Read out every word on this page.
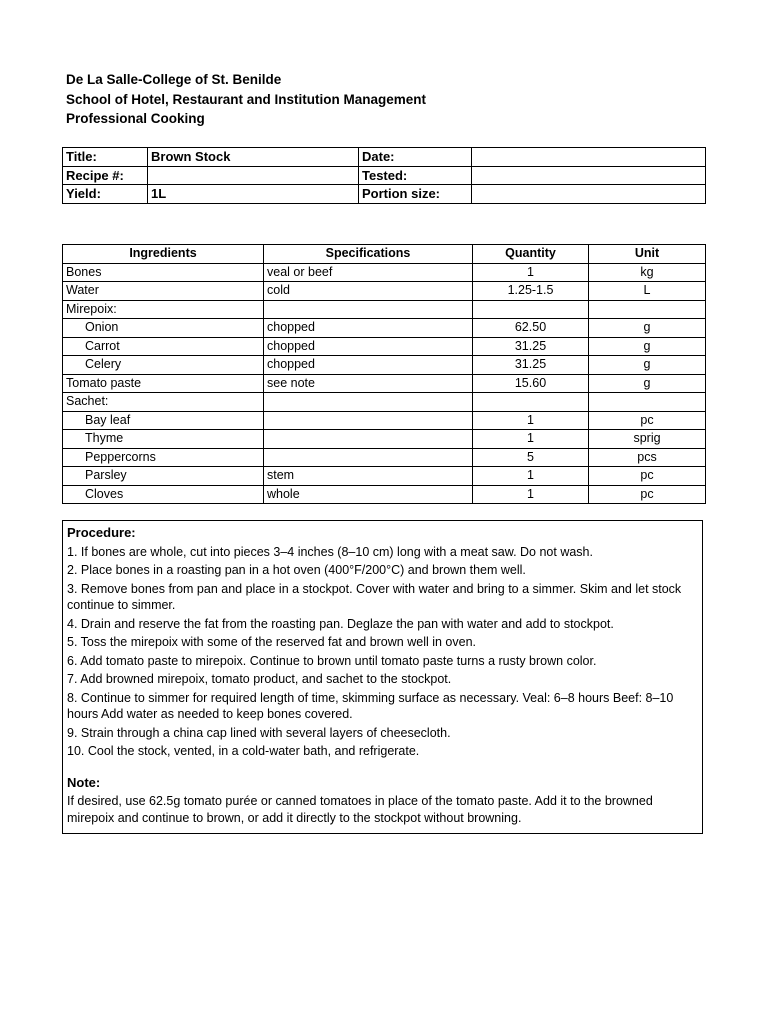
De La Salle-College of St. Benilde
School of Hotel, Restaurant and Institution Management
Professional Cooking
Title:	Brown Stock	Date:	
Recipe #:		Tested:	
Yield:	1L	Portion size:	
Ingredients	Specifications	Quantity	Unit
Bones	veal or beef	1	kg
Water	cold	1.25-1.5	L
Mirepoix:			
Onion	chopped	62.50	g
Carrot	chopped	31.25	g
Celery	chopped	31.25	g
Tomato paste	see note	15.60	g
Sachet:			
Bay leaf		1	pc
Thyme		1	sprig
Peppercorns		5	pcs
Parsley	stem	1	pc
Cloves	whole	1	pc
Procedure:
1. If bones are whole, cut into pieces 3–4 inches (8–10 cm) long with a meat saw. Do not wash.
2. Place bones in a roasting pan in a hot oven (400°F/200°C) and brown them well.
3. Remove bones from pan and place in a stockpot. Cover with water and bring to a simmer. Skim and let stock continue to simmer.
4. Drain and reserve the fat from the roasting pan. Deglaze the pan with water and add to stockpot.
5. Toss the mirepoix with some of the reserved fat and brown well in oven.
6. Add tomato paste to mirepoix. Continue to brown until tomato paste turns a rusty brown color.
7. Add browned mirepoix, tomato product, and sachet to the stockpot.
8. Continue to simmer for required length of time, skimming surface as necessary. Veal: 6–8 hours Beef: 8–10 hours Add water as needed to keep bones covered.
9. Strain through a china cap lined with several layers of cheesecloth.
10. Cool the stock, vented, in a cold-water bath, and refrigerate.
Note:
If desired, use 62.5g tomato purée or canned tomatoes in place of the tomato paste. Add it to the browned mirepoix and continue to brown, or add it directly to the stockpot without browning.
